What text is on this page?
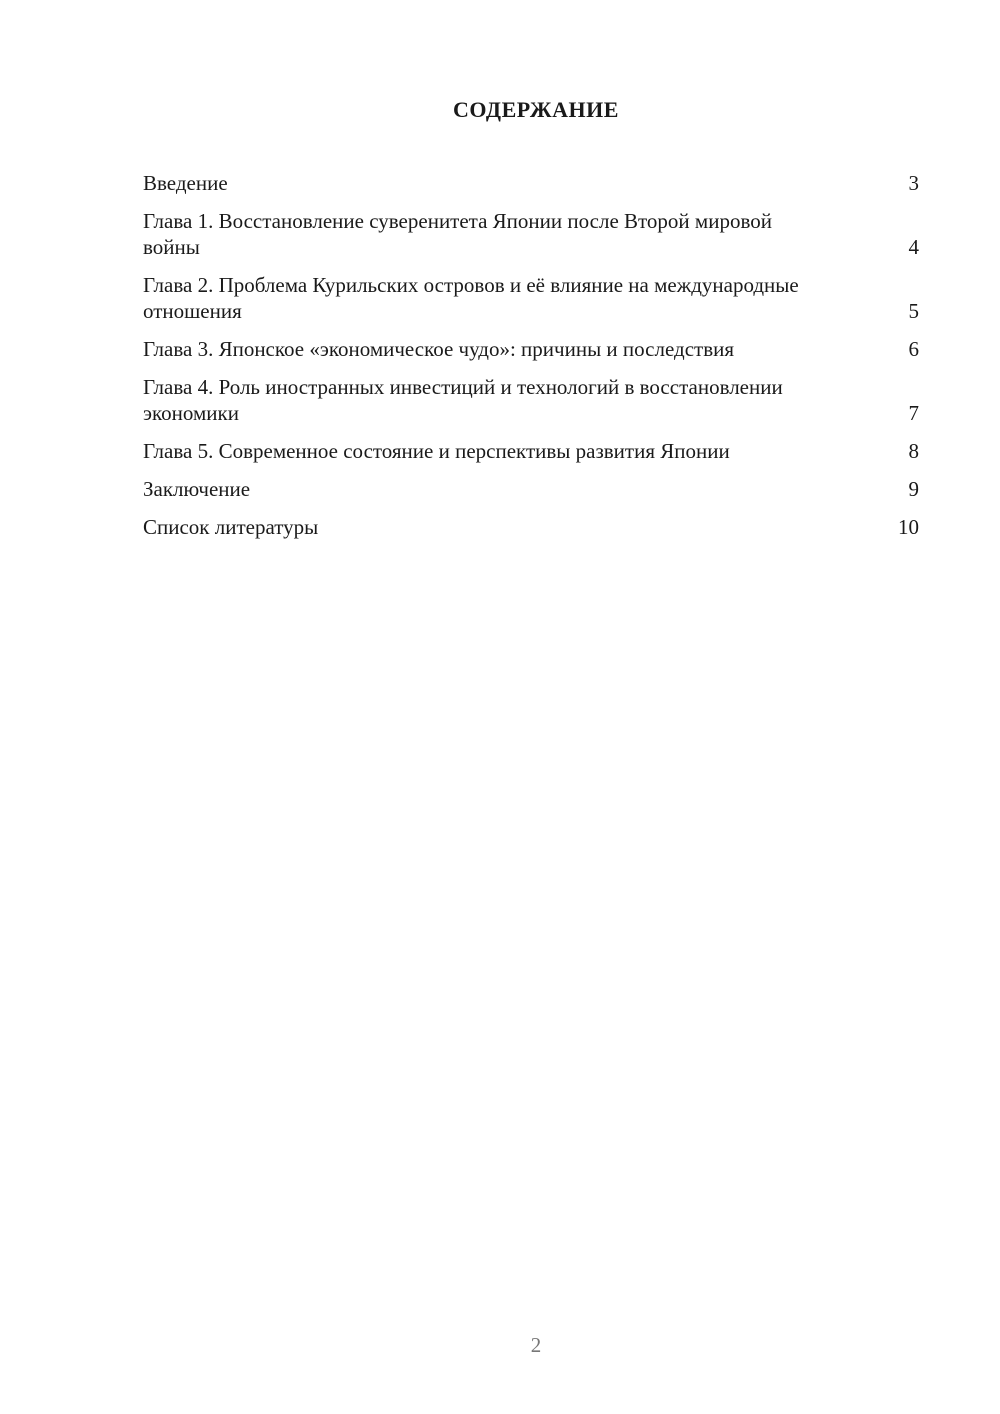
СОДЕРЖАНИЕ
Введение	3
Глава 1. Восстановление суверенитета Японии после Второй мировой войны	4
Глава 2. Проблема Курильских островов и её влияние на международные отношения	5
Глава 3. Японское «экономическое чудо»: причины и последствия	6
Глава 4. Роль иностранных инвестиций и технологий в восстановлении экономики	7
Глава 5. Современное состояние и перспективы развития Японии	8
Заключение	9
Список литературы	10
2
